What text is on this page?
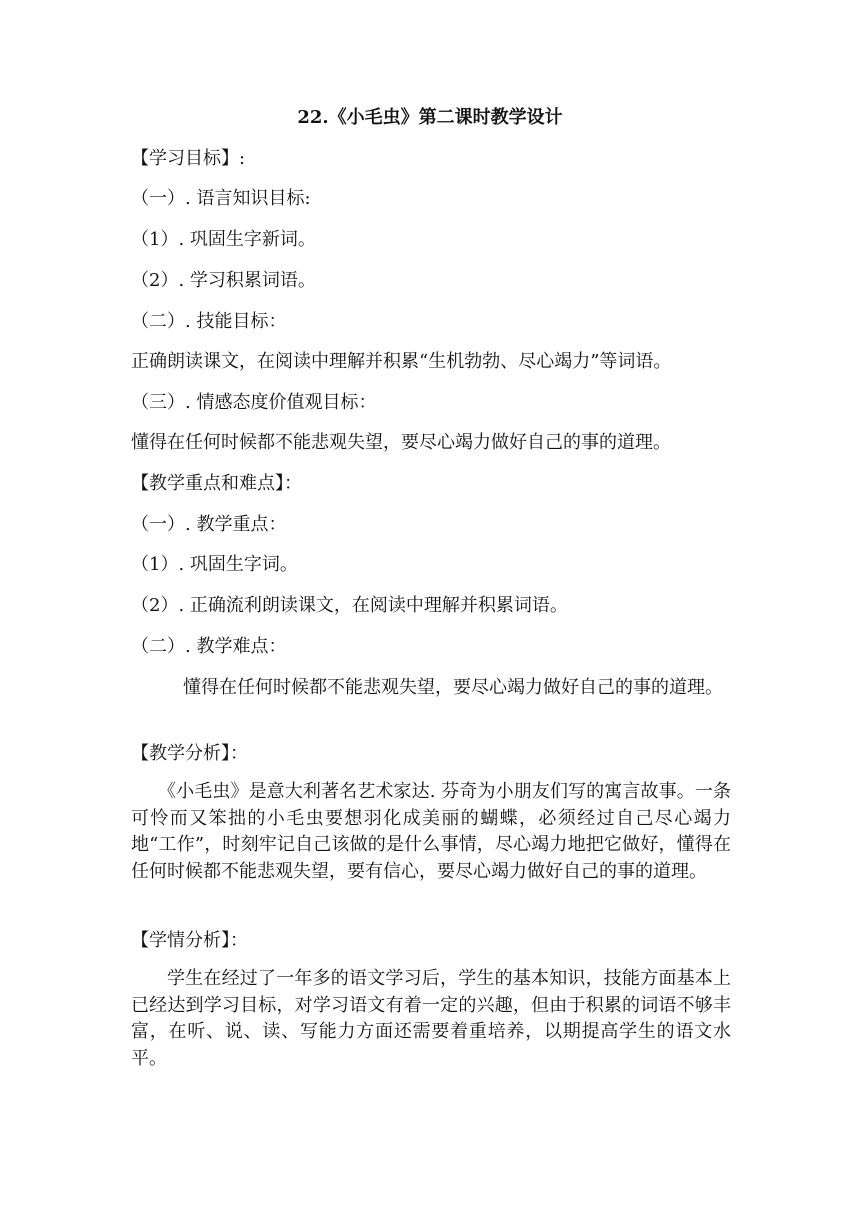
22.《小毛虫》第二课时教学设计
【学习目标】:
（一）. 语言知识目标:
（1）. 巩固生字新词。
（2）. 学习积累词语。
（二）. 技能目标：
正确朗读课文，在阅读中理解并积累“生机勃勃、尽心竭力”等词语。
（三）. 情感态度价值观目标：
懂得在任何时候都不能悲观失望，要尽心竭力做好自己的事的道理。
【教学重点和难点】：
（一）. 教学重点：
（1）. 巩固生字词。
（2）. 正确流利朗读课文，在阅读中理解并积累词语。
（二）. 教学难点：
懂得在任何时候都不能悲观失望，要尽心竭力做好自己的事的道理。
【教学分析】：

《小毛虫》是意大利著名艺术家达. 芬奇为小朋友们写的寓言故事。一条可怜而又笨拙的小毛虫要想羽化成美丽的蝴蝶，必须经过自己尽心竭力地“工作”，时刻牢记自己该做的是什么事情，尽心竭力地把它做好，懂得在任何时候都不能悲观失望，要有信心，要尽心竭力做好自己的事的道理。

【学情分析】：

学生在经过了一年多的语文学习后，学生的基本知识，技能方面基本上已经达到学习目标，对学习语文有着一定的兴趣，但由于积累的词语不够丰富，在听、说、读、写能力方面还需要着重培养，以期提高学生的语文水平。
